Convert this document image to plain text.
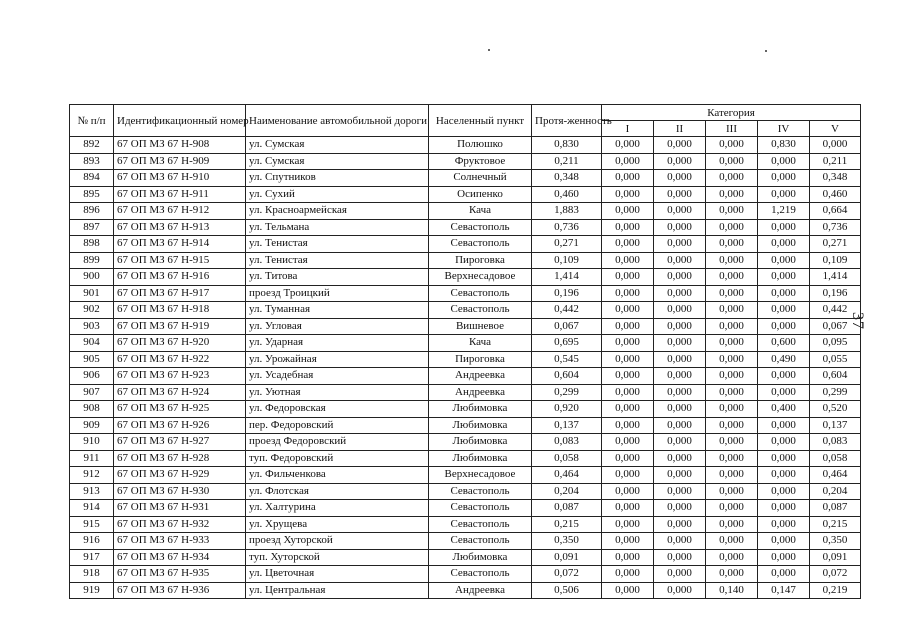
37
№ п/п	Идентификационный номер	Наименование автомобильной дороги	Населенный пункт	Протя-женность	Категория				
					I	II	III	IV	V
892	67 ОП МЗ 67 Н-908	ул. Сумская	Полюшко	0,830	0,000	0,000	0,000	0,830	0,000
893	67 ОП МЗ 67 Н-909	ул. Сумская	Фруктовое	0,211	0,000	0,000	0,000	0,000	0,211
894	67 ОП МЗ 67 Н-910	ул. Спутников	Солнечный	0,348	0,000	0,000	0,000	0,000	0,348
895	67 ОП МЗ 67 Н-911	ул. Сухий	Осипенко	0,460	0,000	0,000	0,000	0,000	0,460
896	67 ОП МЗ 67 Н-912	ул. Красноармейская	Кача	1,883	0,000	0,000	0,000	1,219	0,664
897	67 ОП МЗ 67 Н-913	ул. Тельмана	Севастополь	0,736	0,000	0,000	0,000	0,000	0,736
898	67 ОП МЗ 67 Н-914	ул. Тенистая	Севастополь	0,271	0,000	0,000	0,000	0,000	0,271
899	67 ОП МЗ 67 Н-915	ул. Тенистая	Пироговка	0,109	0,000	0,000	0,000	0,000	0,109
900	67 ОП МЗ 67 Н-916	ул. Титова	Верхнесадовое	1,414	0,000	0,000	0,000	0,000	1,414
901	67 ОП МЗ 67 Н-917	проезд Троицкий	Севастополь	0,196	0,000	0,000	0,000	0,000	0,196
902	67 ОП МЗ 67 Н-918	ул. Туманная	Севастополь	0,442	0,000	0,000	0,000	0,000	0,442
903	67 ОП МЗ 67 Н-919	ул. Угловая	Вишневое	0,067	0,000	0,000	0,000	0,000	0,067
904	67 ОП МЗ 67 Н-920	ул. Ударная	Кача	0,695	0,000	0,000	0,000	0,600	0,095
905	67 ОП МЗ 67 Н-922	ул. Урожайная	Пироговка	0,545	0,000	0,000	0,000	0,490	0,055
906	67 ОП МЗ 67 Н-923	ул. Усадебная	Андреевка	0,604	0,000	0,000	0,000	0,000	0,604
907	67 ОП МЗ 67 Н-924	ул. Уютная	Андреевка	0,299	0,000	0,000	0,000	0,000	0,299
908	67 ОП МЗ 67 Н-925	ул. Федоровская	Любимовка	0,920	0,000	0,000	0,000	0,400	0,520
909	67 ОП МЗ 67 Н-926	пер. Федоровский	Любимовка	0,137	0,000	0,000	0,000	0,000	0,137
910	67 ОП МЗ 67 Н-927	проезд Федоровский	Любимовка	0,083	0,000	0,000	0,000	0,000	0,083
911	67 ОП МЗ 67 Н-928	туп. Федоровский	Любимовка	0,058	0,000	0,000	0,000	0,000	0,058
912	67 ОП МЗ 67 Н-929	ул. Фильченкова	Верхнесадовое	0,464	0,000	0,000	0,000	0,000	0,464
913	67 ОП МЗ 67 Н-930	ул. Флотская	Севастополь	0,204	0,000	0,000	0,000	0,000	0,204
914	67 ОП МЗ 67 Н-931	ул. Халтурина	Севастополь	0,087	0,000	0,000	0,000	0,000	0,087
915	67 ОП МЗ 67 Н-932	ул. Хрущева	Севастополь	0,215	0,000	0,000	0,000	0,000	0,215
916	67 ОП МЗ 67 Н-933	проезд Хуторской	Севастополь	0,350	0,000	0,000	0,000	0,000	0,350
917	67 ОП МЗ 67 Н-934	туп. Хуторской	Любимовка	0,091	0,000	0,000	0,000	0,000	0,091
918	67 ОП МЗ 67 Н-935	ул. Цветочная	Севастополь	0,072	0,000	0,000	0,000	0,000	0,072
919	67 ОП МЗ 67 Н-936	ул. Центральная	Андреевка	0,506	0,000	0,000	0,140	0,147	0,219
